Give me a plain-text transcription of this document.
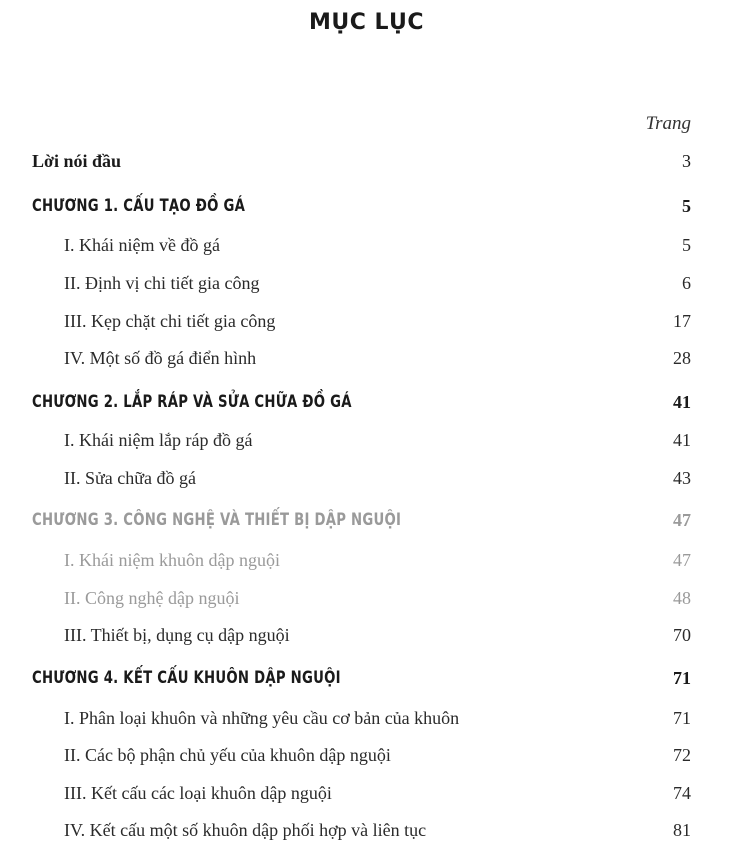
MỤC LỤC
Trang
Lời nói đầu	3
CHƯƠNG 1. CẤU TẠO ĐỒ GÁ	5
I. Khái niệm về đồ gá	5
II. Định vị chi tiết gia công	6
III. Kẹp chặt chi tiết gia công	17
IV. Một số đồ gá điển hình	28
CHƯƠNG 2. LẮP RÁP VÀ SỬA CHỮA ĐỒ GÁ	41
I. Khái niệm lắp ráp đồ gá	41
II. Sửa chữa đồ gá	43
CHƯƠNG 3. CÔNG NGHỆ VÀ THIẾT BỊ DẬP NGUỘI	47
I. Khái niệm khuôn dập nguội	47
II. Công nghệ dập nguội	48
III. Thiết bị, dụng cụ dập nguội	70
CHƯƠNG 4. KẾT CẤU KHUÔN DẬP NGUỘI	71
I. Phân loại khuôn và những yêu cầu cơ bản của khuôn	71
II. Các bộ phận chủ yếu của khuôn dập nguội	72
III. Kết cấu các loại khuôn dập nguội	74
IV. Kết cấu một số khuôn dập phối hợp và liên tục	81
